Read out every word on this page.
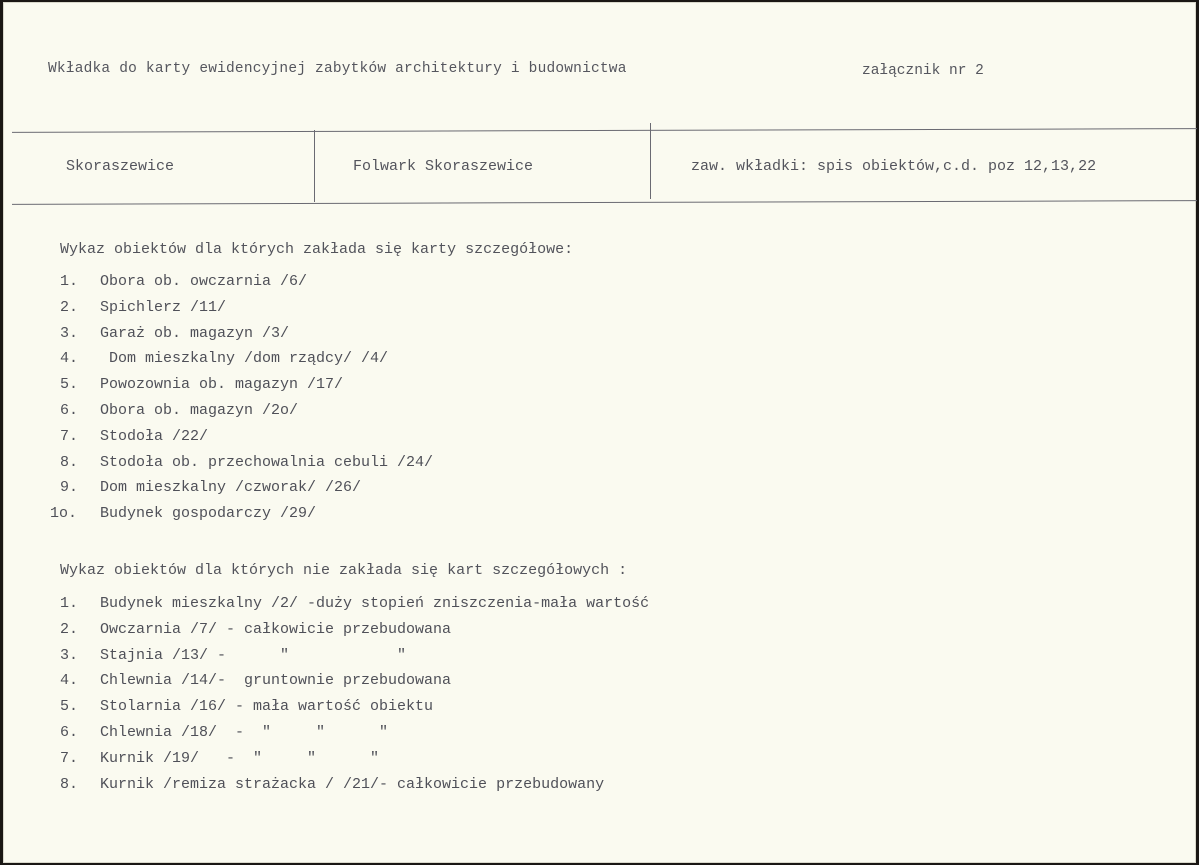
Wkładka do karty ewidencyjnej zabytków architektury i budownictwa	załącznik nr 2
Skoraszewice	Folwark Skoraszewice	zaw. wkładki: spis obiektów,c.d. poz 12,13,22
Wykaz obiektów dla których zakłada się karty szczegółowe:
1.	Obora ob. owczarnia /6/
2.	Spichlerz /11/
3.	Garaż ob. magazyn /3/
4.	Dom mieszkalny /dom rządcy/ /4/
5.	Powozownia ob. magazyn /17/
6.	Obora ob. magazyn /2o/
7.	Stodoła /22/
8.	Stodoła ob. przechowalnia cebuli /24/
9.	Dom mieszkalny /czworak/ /26/
1o.	Budynek gospodarczy /29/
Wykaz obiektów dla których nie zakłada się kart szczegółowych :
1.	Budynek mieszkalny /2/ -duży stopień zniszczenia-mała wartość
2.	Owczarnia /7/ - całkowicie przebudowana
3.	Stajnia /13/ -      "            "
4.	Chlewnia /14/-  gruntownie przebudowana
5.	Stolarnia /16/ - mała wartość obiektu
6.	Chlewnia /18/  -  "     "      "
7.	Kurnik /19/   -  "     "      "
8.	Kurnik /remiza strażacka / /21/- całkowicie przebudowany
